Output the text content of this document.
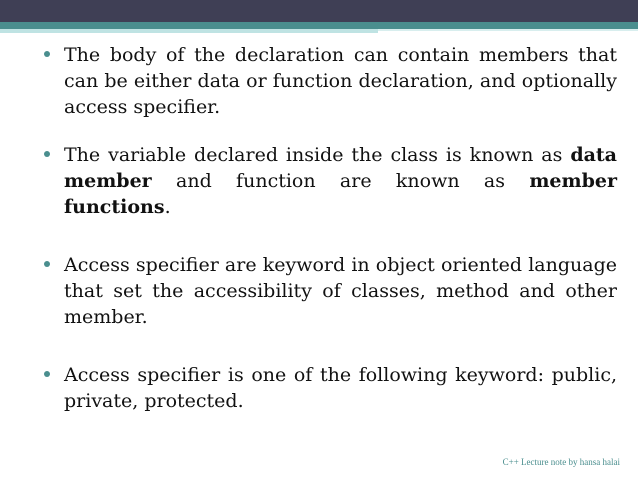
The body of the declaration can contain members that can be either data or function declaration, and optionally access specifier.
The variable declared inside the class is known as data member and function are known as member functions.
Access specifier are keyword in object oriented language that set the accessibility of classes, method and other member.
Access specifier is one of the following keyword: public, private, protected.
C++ Lecture note by hansa halai
